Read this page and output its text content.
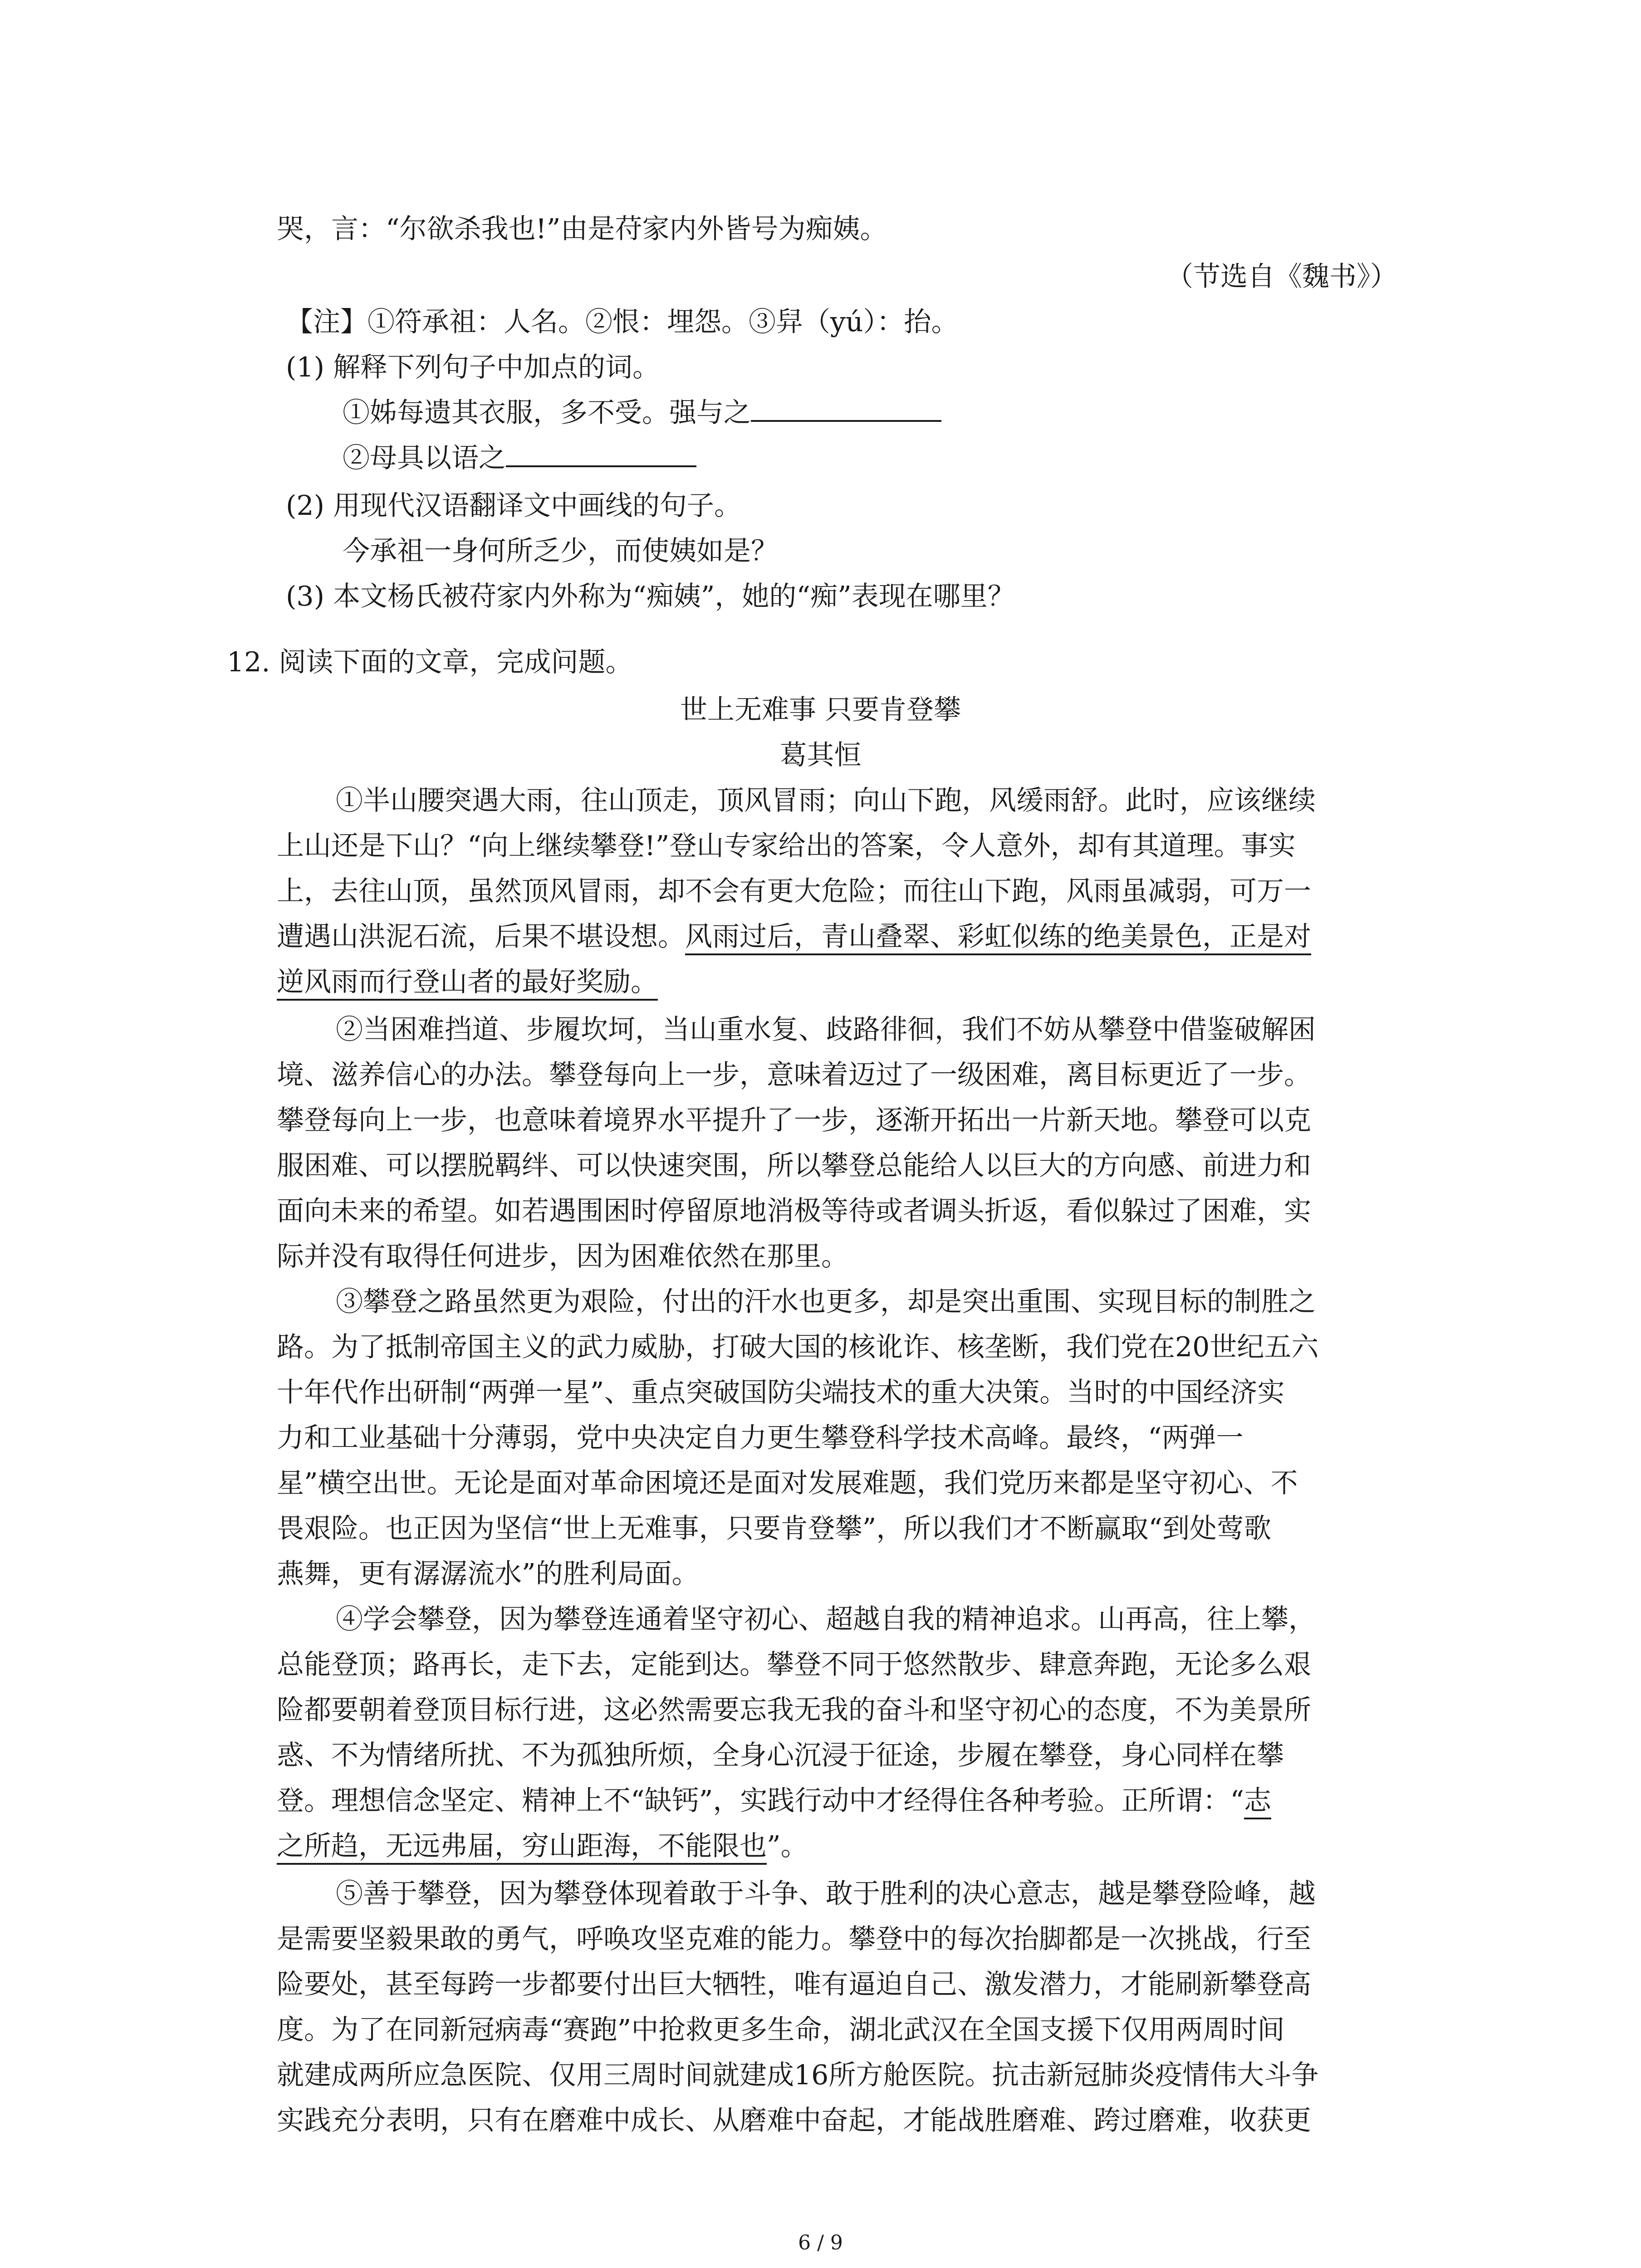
哭，言：“尔欲杀我也!”由是苻家内外皆号为痴姨。

（节选自《魏书》）

【注】①符承祖：人名。②恨：埋怨。③舁（yú）：抬。

(1) 解释下列句子中加点的词。

①姊每遗其衣服，多不受。强与之

②母具以语之

(2) 用现代汉语翻译文中画线的句子。

今承祖一身何所乏少，而使姨如是？

(3) 本文杨氏被苻家内外称为“痴姨”，她的“痴”表现在哪里？

12. 阅读下面的文章，完成问题。

世上无难事 只要肯登攀

葛其恒

①半山腰突遇大雨，往山顶走，顶风冒雨；向山下跑，风缓雨舒。此时，应该继续

上山还是下山？“向上继续攀登!”登山专家给出的答案，令人意外，却有其道理。事实

上，去往山顶，虽然顶风冒雨，却不会有更大危险；而往山下跑，风雨虽减弱，可万一

遭遇山洪泥石流，后果不堪设想。风雨过后，青山叠翠、彩虹似练的绝美景色，正是对

逆风雨而行登山者的最好奖励。

②当困难挡道、步履坎坷，当山重水复、歧路徘徊，我们不妨从攀登中借鉴破解困

境、滋养信心的办法。攀登每向上一步，意味着迈过了一级困难，离目标更近了一步。

攀登每向上一步，也意味着境界水平提升了一步，逐渐开拓出一片新天地。攀登可以克

服困难、可以摆脱羁绊、可以快速突围，所以攀登总能给人以巨大的方向感、前进力和

面向未来的希望。如若遇围困时停留原地消极等待或者调头折返，看似躲过了困难，实

际并没有取得任何进步，因为困难依然在那里。

③攀登之路虽然更为艰险，付出的汗水也更多，却是突出重围、实现目标的制胜之

路。为了抵制帝国主义的武力威胁，打破大国的核讹诈、核垄断，我们党在20世纪五六

十年代作出研制“两弹一星”、重点突破国防尖端技术的重大决策。当时的中国经济实

力和工业基础十分薄弱，党中央决定自力更生攀登科学技术高峰。最终，“两弹一

星”横空出世。无论是面对革命困境还是面对发展难题，我们党历来都是坚守初心、不

畏艰险。也正因为坚信“世上无难事，只要肯登攀”，所以我们才不断赢取“到处莺歌

燕舞，更有潺潺流水”的胜利局面。

④学会攀登，因为攀登连通着坚守初心、超越自我的精神追求。山再高，往上攀，

总能登顶；路再长，走下去，定能到达。攀登不同于悠然散步、肆意奔跑，无论多么艰

险都要朝着登顶目标行进，这必然需要忘我无我的奋斗和坚守初心的态度，不为美景所

惑、不为情绪所扰、不为孤独所烦，全身心沉浸于征途，步履在攀登，身心同样在攀

登。理想信念坚定、精神上不“缺钙”，实践行动中才经得住各种考验。正所谓：“志

之所趋，无远弗届，穷山距海，不能限也”。

⑤善于攀登，因为攀登体现着敢于斗争、敢于胜利的决心意志，越是攀登险峰，越

是需要坚毅果敢的勇气，呼唤攻坚克难的能力。攀登中的每次抬脚都是一次挑战，行至

险要处，甚至每跨一步都要付出巨大牺牲，唯有逼迫自己、激发潜力，才能刷新攀登高

度。为了在同新冠病毒“赛跑”中抢救更多生命，湖北武汉在全国支援下仅用两周时间

就建成两所应急医院、仅用三周时间就建成16所方舱医院。抗击新冠肺炎疫情伟大斗争

实践充分表明，只有在磨难中成长、从磨难中奋起，才能战胜磨难、跨过磨难，收获更

6 / 9
